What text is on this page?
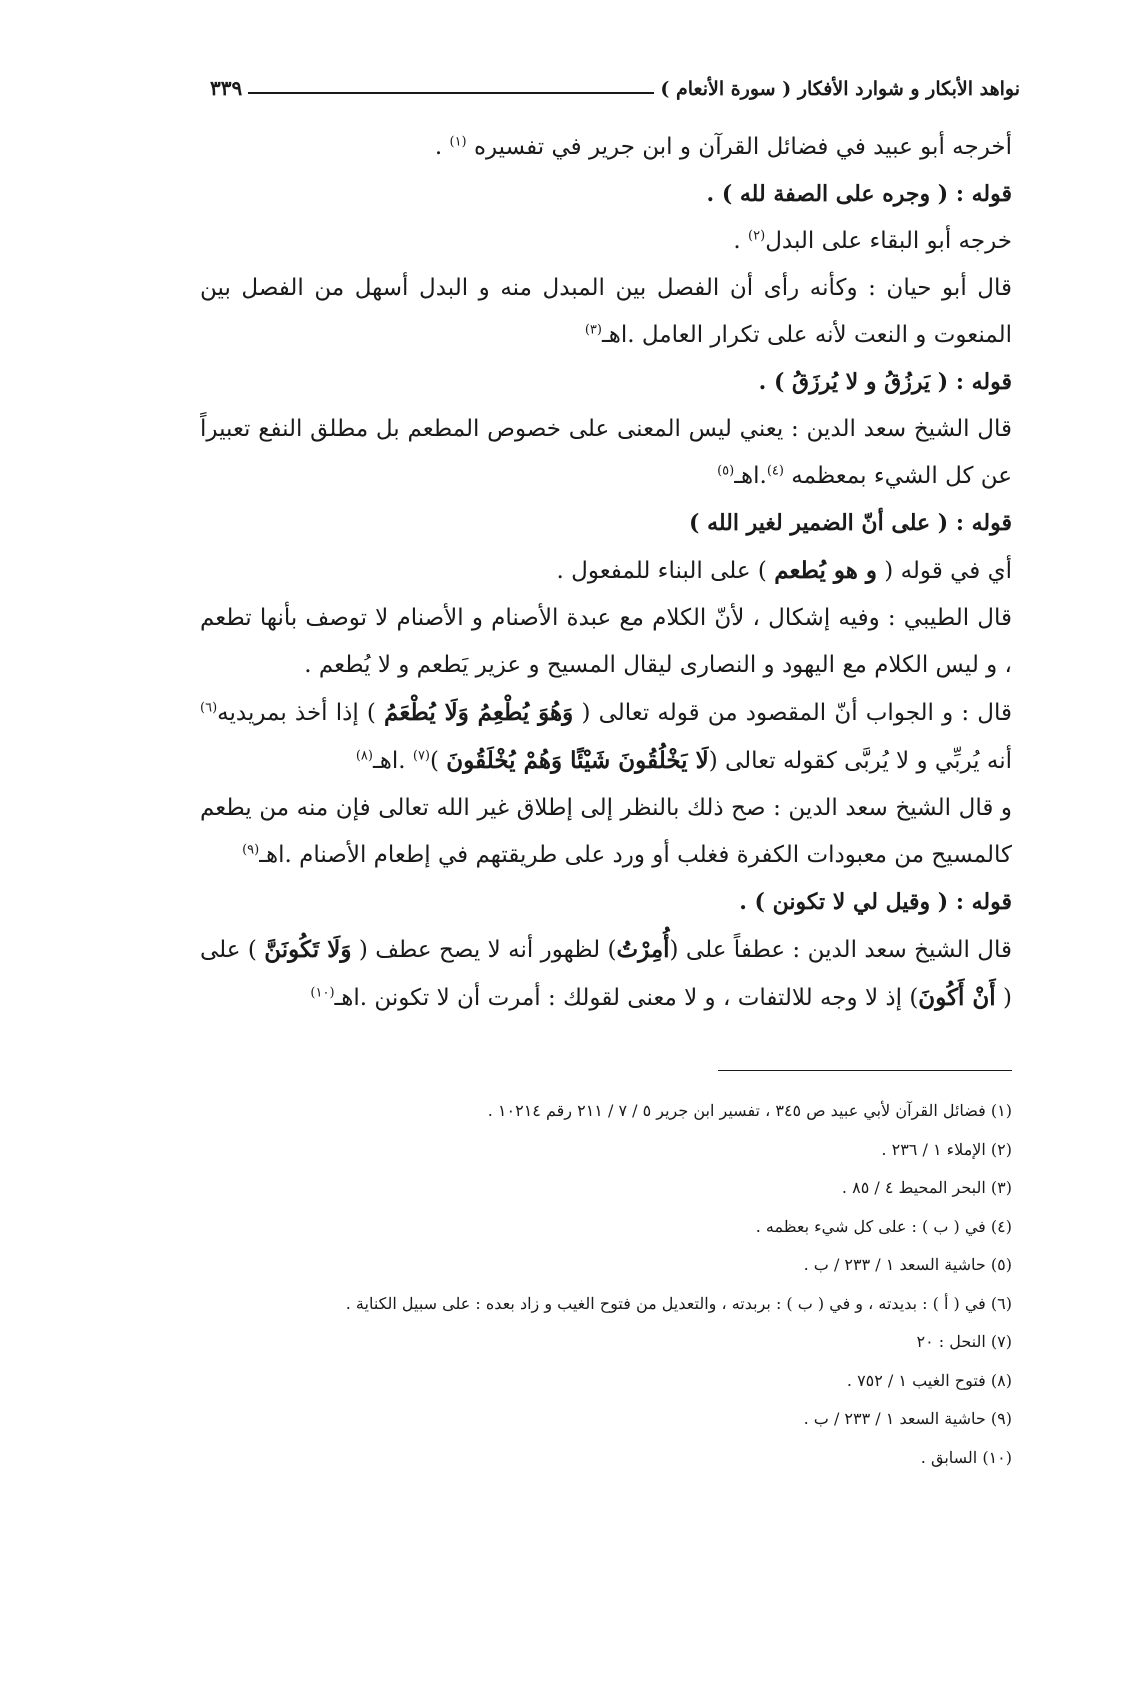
نواهد الأبكار و شوارد الأفكار ( سورة الأنعام )
٣٣٩

أخرجه أبو عبيد في فضائل القرآن و ابن جرير في تفسيره $^{(١)}$ .

قوله : ( وجره على الصفة لله ) .

خرجه أبو البقاء على البدل$^{(٢)}$ .

قال أبو حيان : وكأنه رأى أن الفصل بين المبدل منه و البدل أسهل من الفصل بين المنعوت و النعت لأنه على تكرار العامل .اهـ$^{(٣)}$

قوله : ( يَرزُقُ و لا يُرزَقُ ) .

قال الشيخ سعد الدين : يعني ليس المعنى على خصوص المطعم بل مطلق النفع تعبيراً عن كل الشيء بمعظمه $^{(٤)}$.اهـ$^{(٥)}$

قوله : ( على أنّ الضمير لغير الله )

أي في قوله ( و هو يُطعم ) على البناء للمفعول .

قال الطيبي : وفيه إشكال ، لأنّ الكلام مع عبدة الأصنام و الأصنام لا توصف بأنها تطعم ، و ليس الكلام مع اليهود و النصارى ليقال المسيح و عزير يَطعم و لا يُطعم .

قال : و الجواب أنّ المقصود من قوله تعالى ( وَهُوَ يُطْعِمُ وَلَا يُطْعَمُ ) إذا أخذ بمريديه$^{(٦)}$ أنه يُربِّي و لا يُربَّى كقوله تعالى (لَا يَخْلُقُونَ شَيْئًا وَهُمْ يُخْلَقُونَ )$^{(٧)}$ .اهـ$^{(٨)}$

و قال الشيخ سعد الدين : صح ذلك بالنظر إلى إطلاق غير الله تعالى فإن منه من يطعم كالمسيح من معبودات الكفرة فغلب أو ورد على طريقتهم في إطعام الأصنام .اهـ$^{(٩)}$

قوله : ( وقيل لي لا تكونن ) .

قال الشيخ سعد الدين : عطفاً على (أُمِرْتُ) لظهور أنه لا يصح عطف ( وَلَا تَكُونَنَّ ) على ( أَنْ أَكُونَ) إذ لا وجه للالتفات ، و لا معنى لقولك : أمرت أن لا تكونن .اهـ$^{(١٠)}$

(١) فضائل القرآن لأبي عبيد ص ٣٤٥ ، تفسير ابن جرير ٥ / ٧ / ٢١١ رقم ١٠٢١٤ .
(٢) الإملاء ١ / ٢٣٦ .
(٣) البحر المحيط ٤ / ٨٥ .
(٤) في ( ب ) : على كل شيء بعظمه .
(٥) حاشية السعد ١ / ٢٣٣ / ب .
(٦) في ( أ ) : بديدته ، و في ( ب ) : بربدته ، والتعديل من فتوح الغيب و زاد بعده : على سبيل الكناية .
(٧) النحل : ٢٠
(٨) فتوح الغيب ١ / ٧٥٢ .
(٩) حاشية السعد ١ / ٢٣٣ / ب .
(١٠) السابق .
